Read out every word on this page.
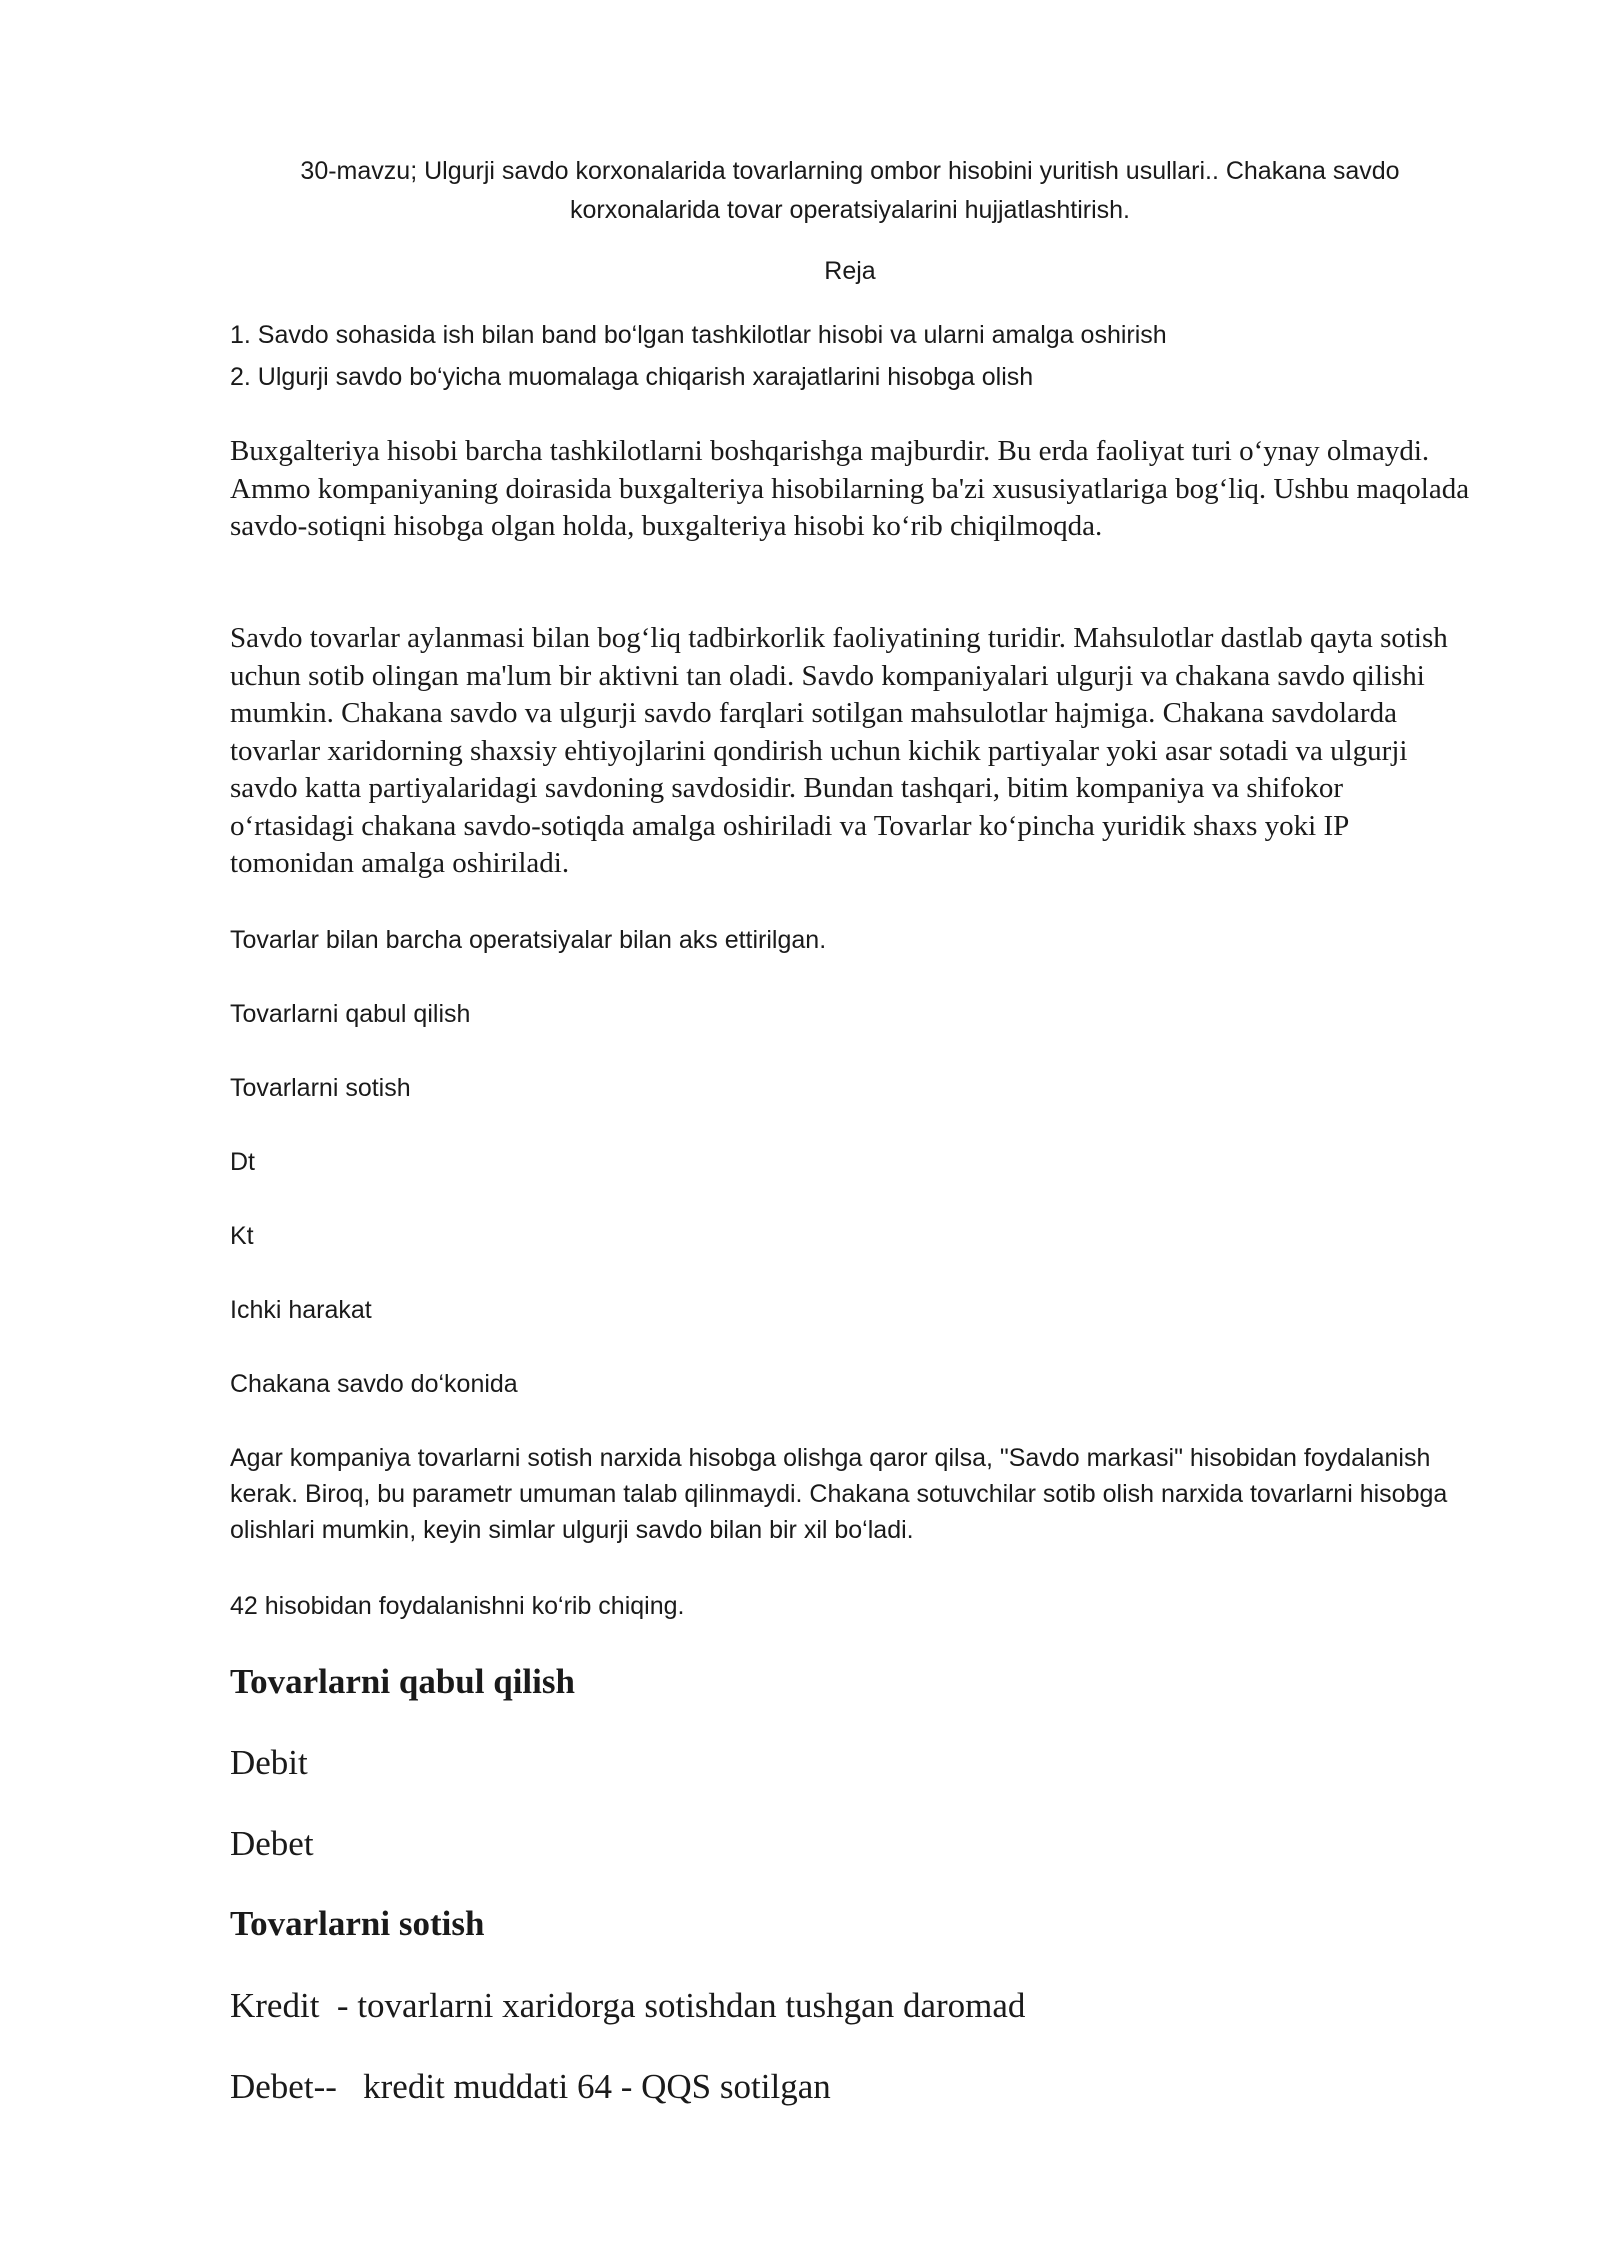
30-mavzu; Ulgurji savdo korxonalarida tovarlarning ombor hisobini yuritish usullari.. Chakana savdo korxonalarida tovar operatsiyalarini hujjatlashtirish.
Reja
1. Savdo sohasida ish bilan band bo‘lgan tashkilotlar hisobi va ularni amalga oshirish
2. Ulgurji savdo bo‘yicha muomalaga chiqarish xarajatlarini hisobga olish

Buxgalteriya hisobi barcha tashkilotlarni boshqarishga majburdir. Bu erda faoliyat turi o‘ynay olmaydi. Ammo kompaniyaning doirasida buxgalteriya hisobilarning ba'zi xususiyatlariga bog‘liq. Ushbu maqolada savdo-sotiqni hisobga olgan holda, buxgalteriya hisobi ko‘rib chiqilmoqda.

Savdo tovarlar aylanmasi bilan bog‘liq tadbirkorlik faoliyatining turidir. Mahsulotlar dastlab qayta sotish uchun sotib olingan ma'lum bir aktivni tan oladi. Savdo kompaniyalari ulgurji va chakana savdo qilishi mumkin. Chakana savdo va ulgurji savdo farqlari sotilgan mahsulotlar hajmiga. Chakana savdolarda tovarlar xaridorning shaxsiy ehtiyojlarini qondirish uchun kichik partiyalar yoki asar sotadi va ulgurji savdo katta partiyalaridagi savdoning savdosidir. Bundan tashqari, bitim kompaniya va shifokor o‘rtasidagi chakana savdo-sotiqda amalga oshiriladi va Tovarlar ko‘pincha yuridik shaxs yoki IP tomonidan amalga oshiriladi.

Tovarlar bilan barcha operatsiyalar bilan aks ettirilgan.

Tovarlarni qabul qilish

Tovarlarni sotish

Dt

Kt

Ichki harakat

Chakana savdo do‘konida

Agar kompaniya tovarlarni sotish narxida hisobga olishga qaror qilsa, "Savdo markasi" hisobidan foydalanish kerak. Biroq, bu parametr umuman talab qilinmaydi. Chakana sotuvchilar sotib olish narxida tovarlarni hisobga olishlari mumkin, keyin simlar ulgurji savdo bilan bir xil bo‘ladi.

42 hisobidan foydalanishni ko‘rib chiqing.

Tovarlarni qabul qilish

Debit

Debet

Tovarlarni sotish

Kredit  - tovarlarni xaridorga sotishdan tushgan daromad

Debet--   kredit muddati 64 - QQS sotilgan
